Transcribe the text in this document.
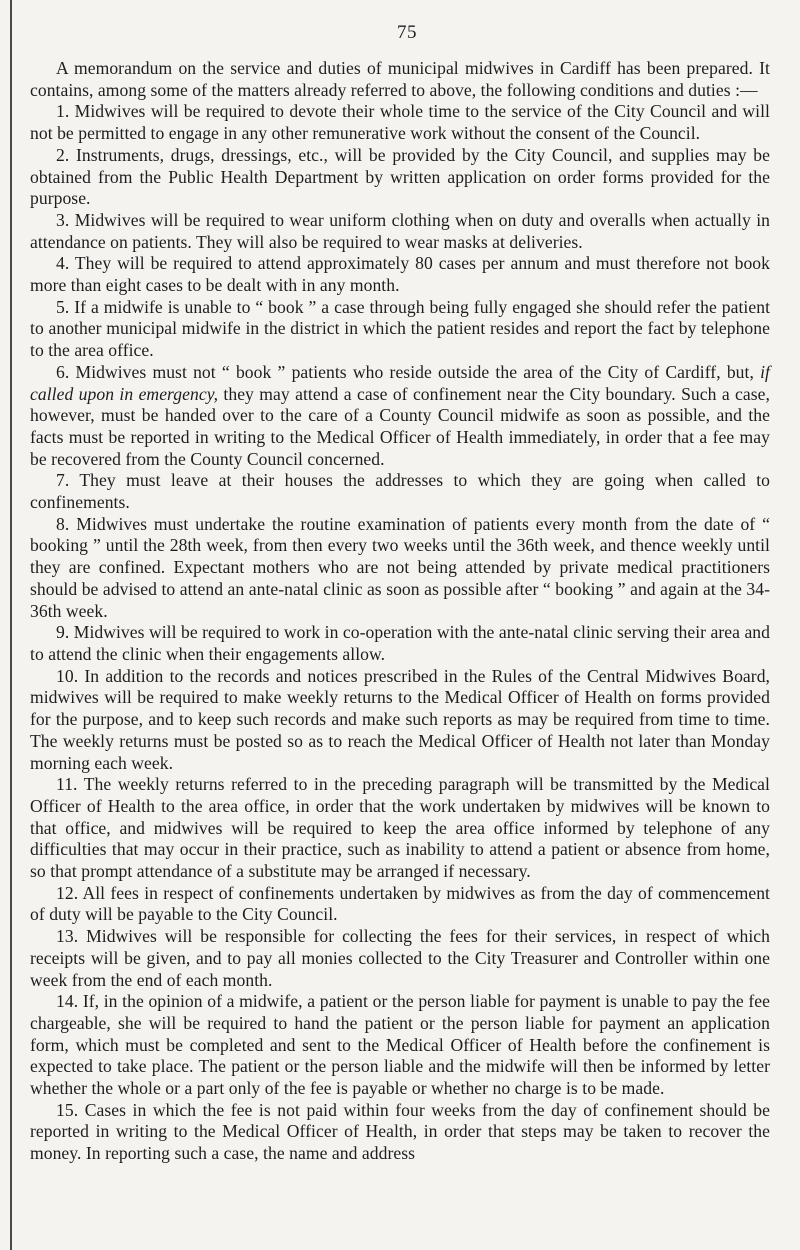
75

A memorandum on the service and duties of municipal midwives in Cardiff has been prepared. It contains, among some of the matters already referred to above, the following conditions and duties :—

1. Midwives will be required to devote their whole time to the service of the City Council and will not be permitted to engage in any other remunerative work without the consent of the Council.

2. Instruments, drugs, dressings, etc., will be provided by the City Council, and supplies may be obtained from the Public Health Department by written application on order forms provided for the purpose.

3. Midwives will be required to wear uniform clothing when on duty and overalls when actually in attendance on patients. They will also be required to wear masks at deliveries.

4. They will be required to attend approximately 80 cases per annum and must therefore not book more than eight cases to be dealt with in any month.

5. If a midwife is unable to “ book ” a case through being fully engaged she should refer the patient to another municipal midwife in the district in which the patient resides and report the fact by telephone to the area office.

6. Midwives must not “ book ” patients who reside outside the area of the City of Cardiff, but, if called upon in emergency, they may attend a case of confinement near the City boundary. Such a case, however, must be handed over to the care of a County Council midwife as soon as possible, and the facts must be reported in writing to the Medical Officer of Health immediately, in order that a fee may be recovered from the County Council concerned.

7. They must leave at their houses the addresses to which they are going when called to confinements.

8. Midwives must undertake the routine examination of patients every month from the date of “ booking ” until the 28th week, from then every two weeks until the 36th week, and thence weekly until they are confined. Expectant mothers who are not being attended by private medical practitioners should be advised to attend an ante-natal clinic as soon as possible after “ booking ” and again at the 34-36th week.

9. Midwives will be required to work in co-operation with the ante-natal clinic serving their area and to attend the clinic when their engagements allow.

10. In addition to the records and notices prescribed in the Rules of the Central Midwives Board, midwives will be required to make weekly returns to the Medical Officer of Health on forms provided for the purpose, and to keep such records and make such reports as may be required from time to time. The weekly returns must be posted so as to reach the Medical Officer of Health not later than Monday morning each week.

11. The weekly returns referred to in the preceding paragraph will be transmitted by the Medical Officer of Health to the area office, in order that the work undertaken by midwives will be known to that office, and midwives will be required to keep the area office informed by telephone of any difficulties that may occur in their practice, such as inability to attend a patient or absence from home, so that prompt attendance of a substitute may be arranged if necessary.

12. All fees in respect of confinements undertaken by midwives as from the day of commencement of duty will be payable to the City Council.

13. Midwives will be responsible for collecting the fees for their services, in respect of which receipts will be given, and to pay all monies collected to the City Treasurer and Controller within one week from the end of each month.

14. If, in the opinion of a midwife, a patient or the person liable for payment is unable to pay the fee chargeable, she will be required to hand the patient or the person liable for payment an application form, which must be completed and sent to the Medical Officer of Health before the confinement is expected to take place. The patient or the person liable and the midwife will then be informed by letter whether the whole or a part only of the fee is payable or whether no charge is to be made.

15. Cases in which the fee is not paid within four weeks from the day of confinement should be reported in writing to the Medical Officer of Health, in order that steps may be taken to recover the money. In reporting such a case, the name and address
